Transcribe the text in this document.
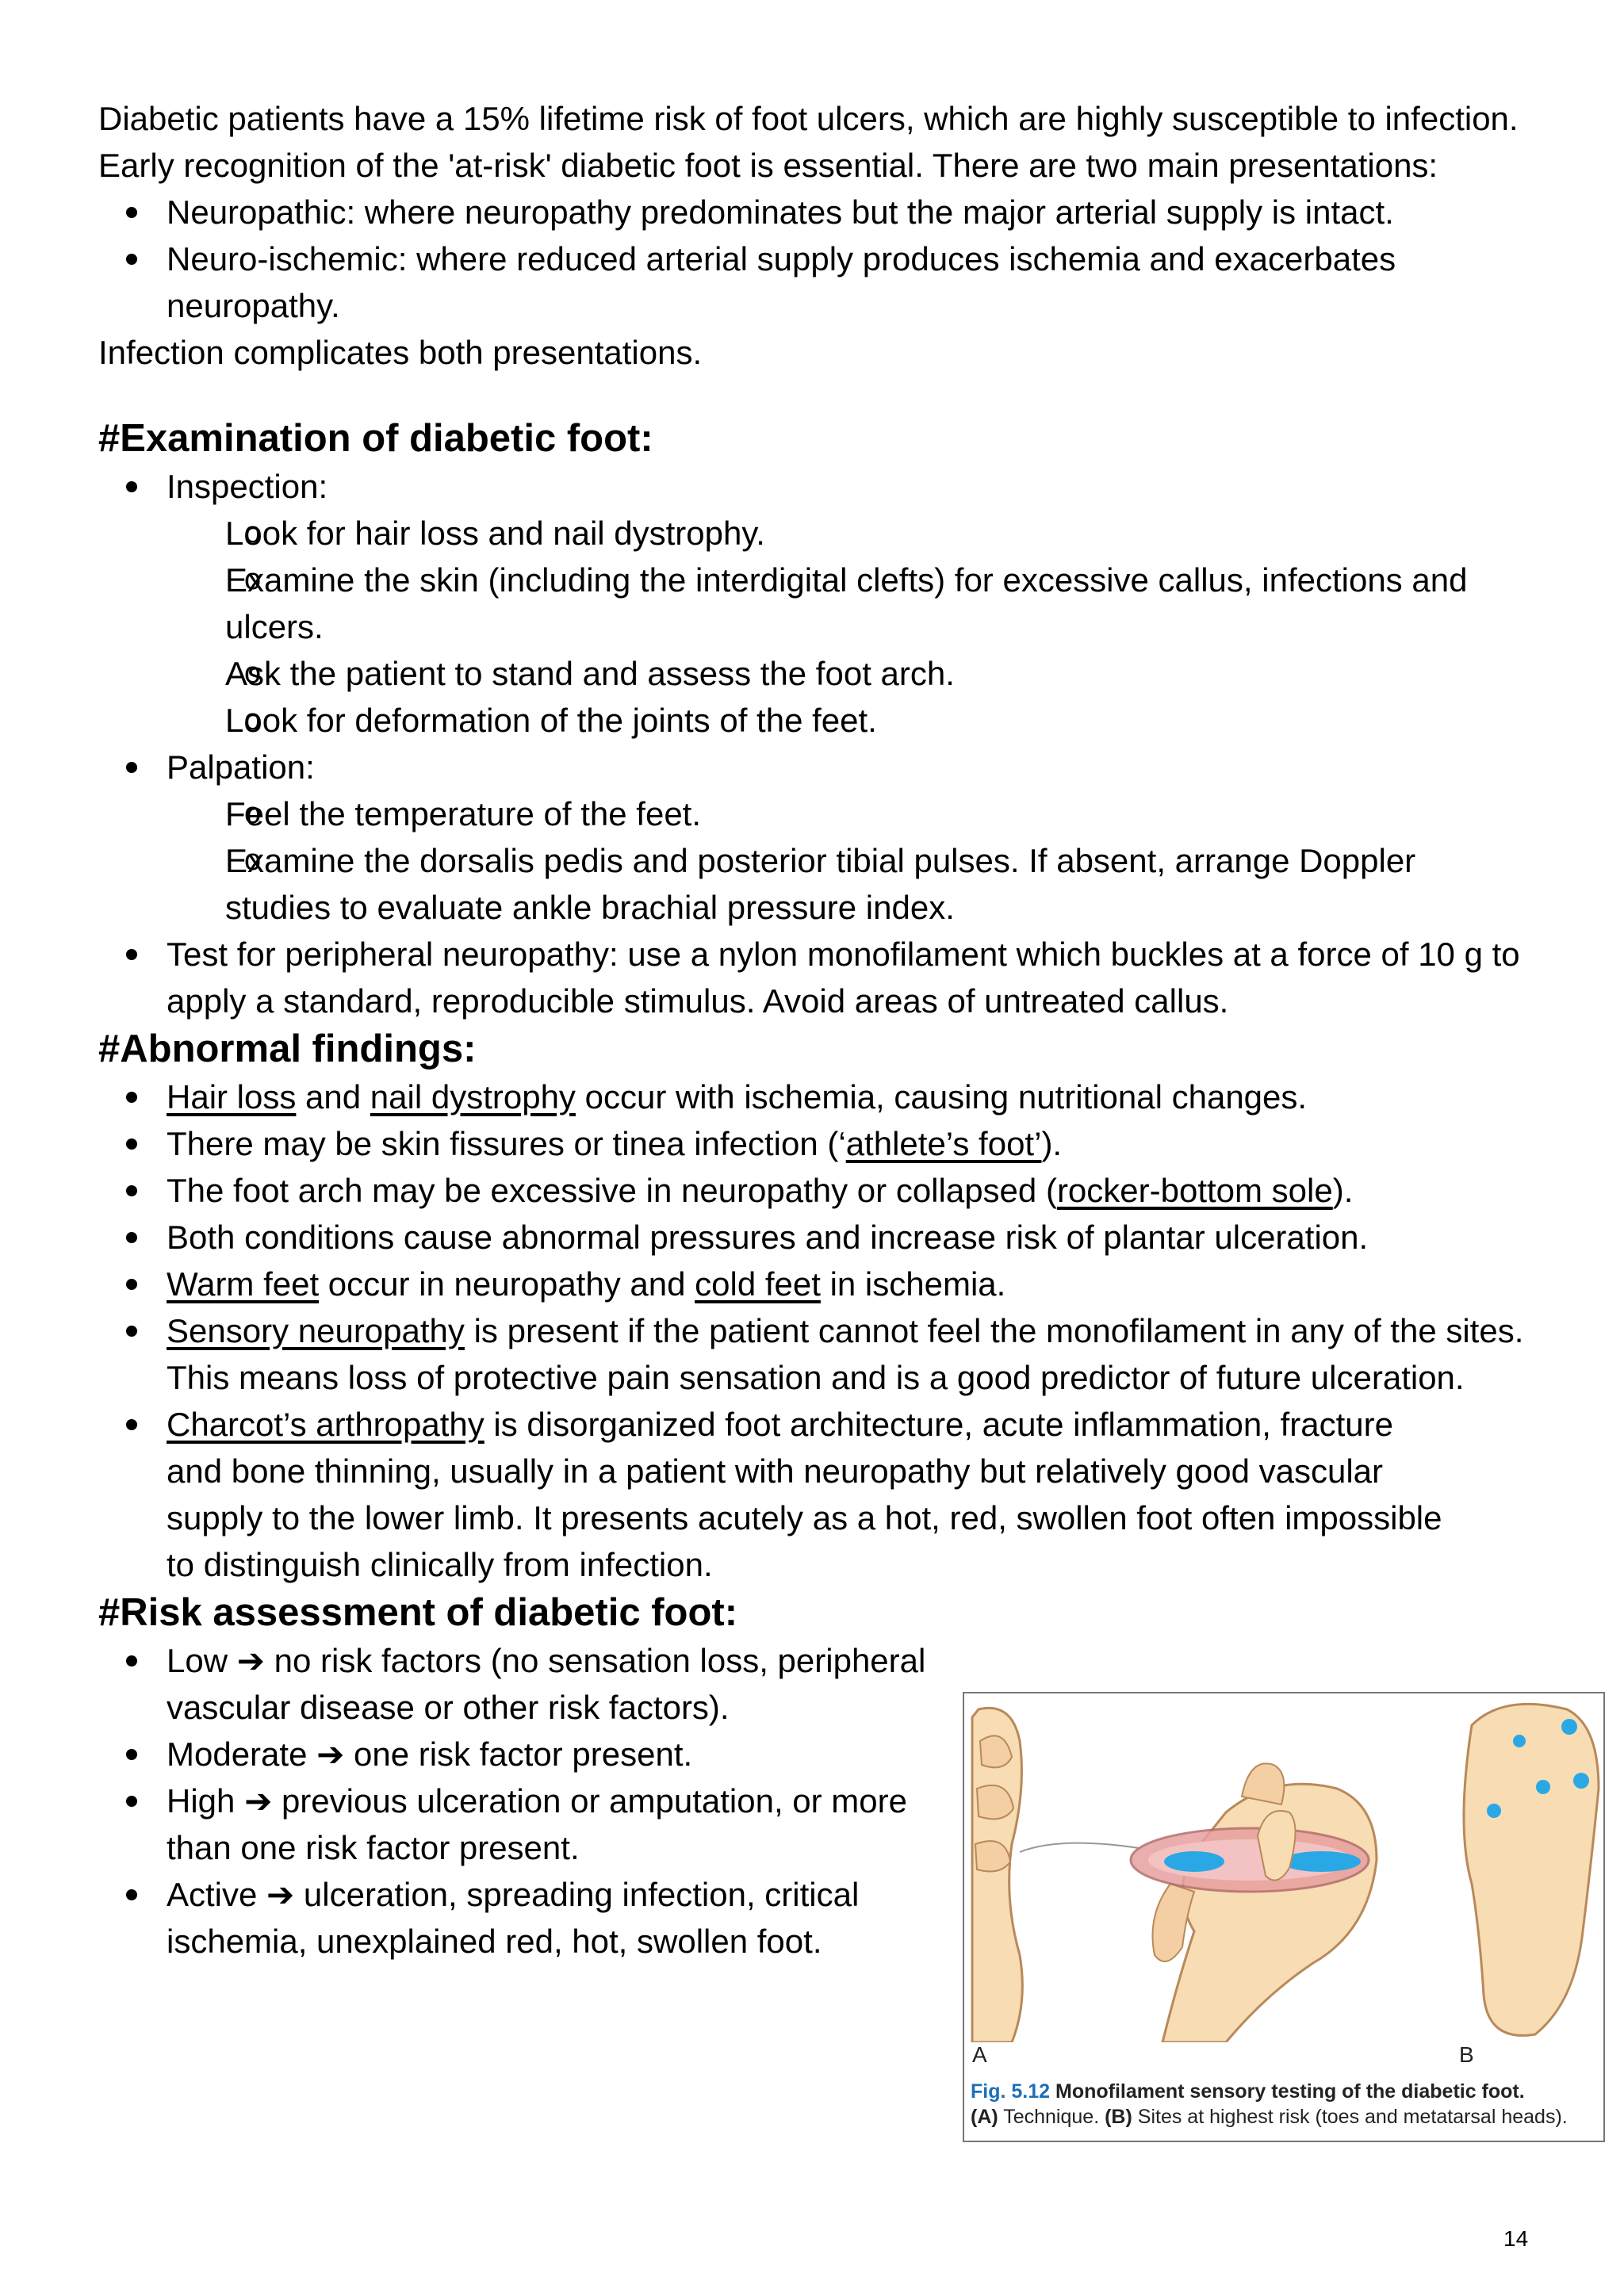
Diabetic patients have a 15% lifetime risk of foot ulcers, which are highly susceptible to infection. Early recognition of the 'at-risk' diabetic foot is essential. There are two main presentations:

Neuropathic: where neuropathy predominates but the major arterial supply is intact.
Neuro-ischemic: where reduced arterial supply produces ischemia and exacerbates neuropathy.

Infection complicates both presentations.

#Examination of diabetic foot:
Inspection:
o Look for hair loss and nail dystrophy.
o Examine the skin (including the interdigital clefts) for excessive callus, infections and ulcers.
o Ask the patient to stand and assess the foot arch.
o Look for deformation of the joints of the feet.
Palpation:
o Feel the temperature of the feet.
o Examine the dorsalis pedis and posterior tibial pulses. If absent, arrange Doppler studies to evaluate ankle brachial pressure index.
Test for peripheral neuropathy: use a nylon monofilament which buckles at a force of 10 g to apply a standard, reproducible stimulus. Avoid areas of untreated callus.
#Abnormal findings:
Hair loss and nail dystrophy occur with ischemia, causing nutritional changes.
There may be skin fissures or tinea infection (‘athlete’s foot’).
The foot arch may be excessive in neuropathy or collapsed (rocker-bottom sole).
Both conditions cause abnormal pressures and increase risk of plantar ulceration.
Warm feet occur in neuropathy and cold feet in ischemia.
Sensory neuropathy is present if the patient cannot feel the monofilament in any of the sites. This means loss of protective pain sensation and is a good predictor of future ulceration.
Charcot’s arthropathy is disorganized foot architecture, acute inflammation, fracture and bone thinning, usually in a patient with neuropathy but relatively good vascular supply to the lower limb. It presents acutely as a hot, red, swollen foot often impossible to distinguish clinically from infection.
#Risk assessment of diabetic foot:
Low ➔ no risk factors (no sensation loss, peripheral vascular disease or other risk factors).
Moderate ➔ one risk factor present.
High ➔ previous ulceration or amputation, or more than one risk factor present.
Active ➔ ulceration, spreading infection, critical ischemia, unexplained red, hot, swollen foot.
A	B
Fig. 5.12 Monofilament sensory testing of the diabetic foot.
(A) Technique. (B) Sites at highest risk (toes and metatarsal heads).
14
